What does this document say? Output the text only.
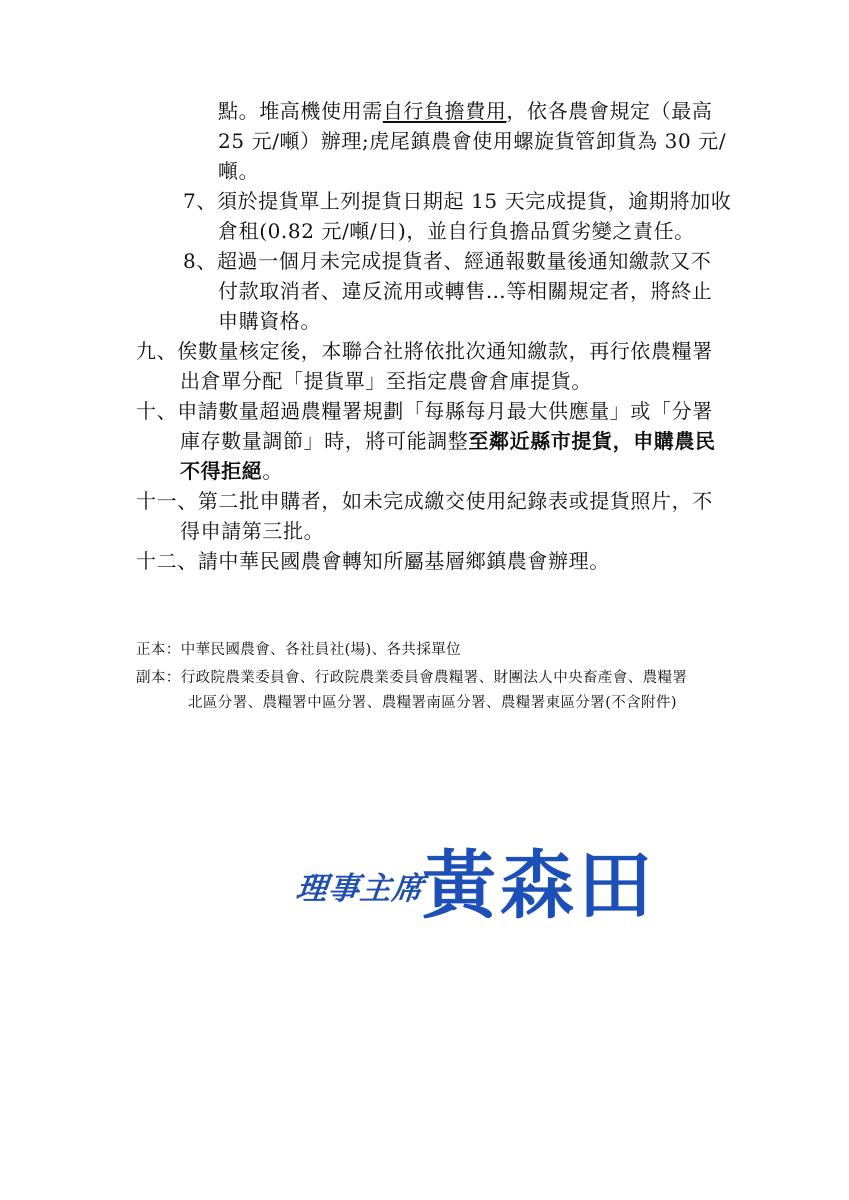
點。堆高機使用需自行負擔費用，依各農會規定（最高
25 元/噸）辦理;虎尾鎮農會使用螺旋貨管卸貨為 30 元/
噸。
7、須於提貨單上列提貨日期起 15 天完成提貨，逾期將加收
倉租(0.82 元/噸/日)，並自行負擔品質劣變之責任。
8、超過一個月未完成提貨者、經通報數量後通知繳款又不
付款取消者、違反流用或轉售…等相關規定者，將終止
申購資格。
九、俟數量核定後，本聯合社將依批次通知繳款，再行依農糧署
出倉單分配「提貨單」至指定農會倉庫提貨。
十、申請數量超過農糧署規劃「每縣每月最大供應量」或「分署
庫存數量調節」時，將可能調整至鄰近縣市提貨，申購農民
不得拒絕。
十一、第二批申購者，如未完成繳交使用紀錄表或提貨照片，不
得申請第三批。
十二、請中華民國農會轉知所屬基層鄉鎮農會辦理。
正本：中華民國農會、各社員社(場)、各共採單位
副本：行政院農業委員會、行政院農業委員會農糧署、財團法人中央畜產會、農糧署
北區分署、農糧署中區分署、農糧署南區分署、農糧署東區分署(不含附件)
理事主席
黃森田
